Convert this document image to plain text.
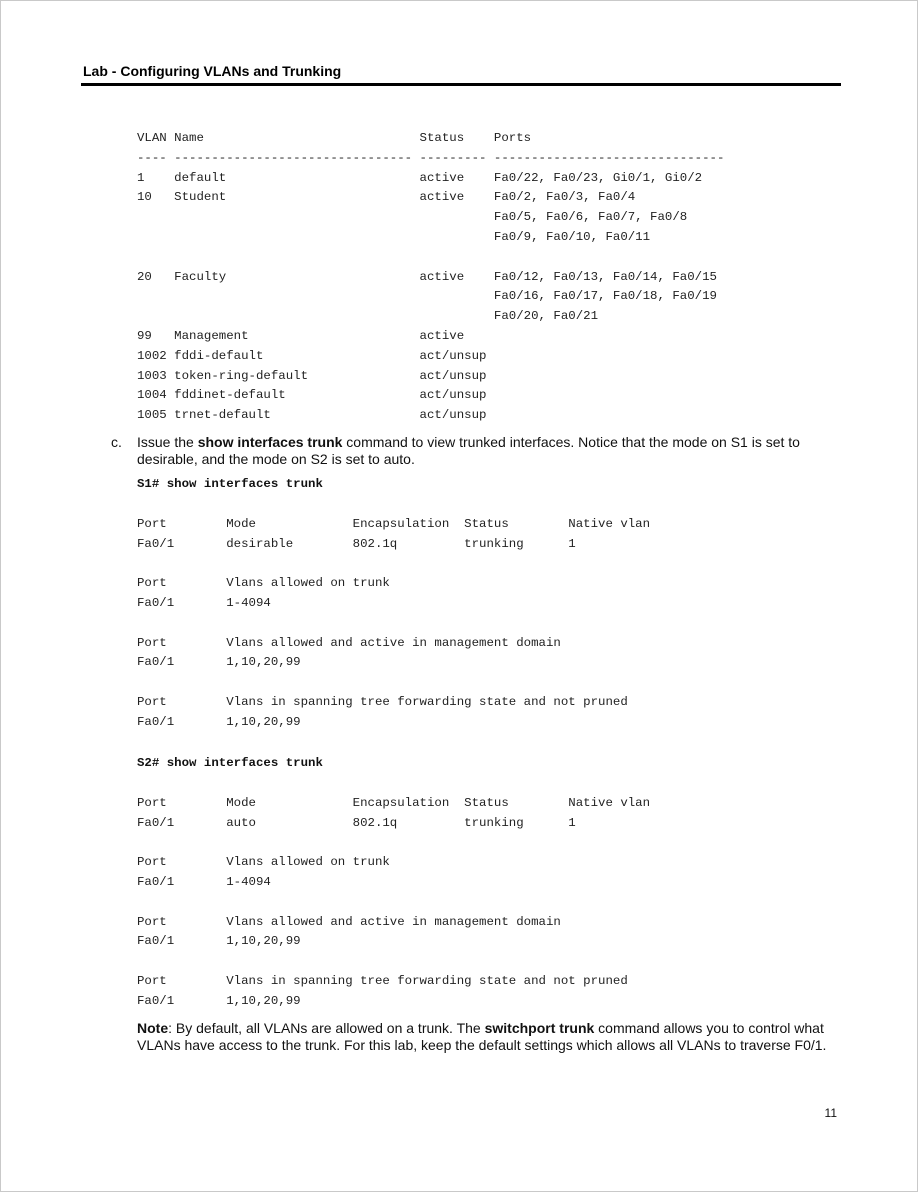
Lab - Configuring VLANs and Trunking
VLAN Name                             Status    Ports
---- -------------------------------- --------- -------------------------------
1    default                          active    Fa0/22, Fa0/23, Gi0/1, Gi0/2
10   Student                          active    Fa0/2, Fa0/3, Fa0/4
Fa0/5, Fa0/6, Fa0/7, Fa0/8
Fa0/9, Fa0/10, Fa0/11
20   Faculty                          active    Fa0/12, Fa0/13, Fa0/14, Fa0/15
Fa0/16, Fa0/17, Fa0/18, Fa0/19
Fa0/20, Fa0/21
99   Management                       active
1002 fddi-default                     act/unsup
1003 token-ring-default               act/unsup
1004 fddinet-default                  act/unsup
1005 trnet-default                    act/unsup
c. Issue the show interfaces trunk command to view trunked interfaces. Notice that the mode on S1 is set to desirable, and the mode on S2 is set to auto.
S1# show interfaces trunk
Port        Mode             Encapsulation  Status        Native vlan
Fa0/1       desirable        802.1q         trunking      1
Port        Vlans allowed on trunk
Fa0/1       1-4094
Port        Vlans allowed and active in management domain
Fa0/1       1,10,20,99
Port        Vlans in spanning tree forwarding state and not pruned
Fa0/1       1,10,20,99
S2# show interfaces trunk
Port        Mode             Encapsulation  Status        Native vlan
Fa0/1       auto             802.1q         trunking      1
Port        Vlans allowed on trunk
Fa0/1       1-4094
Port        Vlans allowed and active in management domain
Fa0/1       1,10,20,99
Port        Vlans in spanning tree forwarding state and not pruned
Fa0/1       1,10,20,99
Note: By default, all VLANs are allowed on a trunk. The switchport trunk command allows you to control what VLANs have access to the trunk. For this lab, keep the default settings which allows all VLANs to traverse F0/1.
11
